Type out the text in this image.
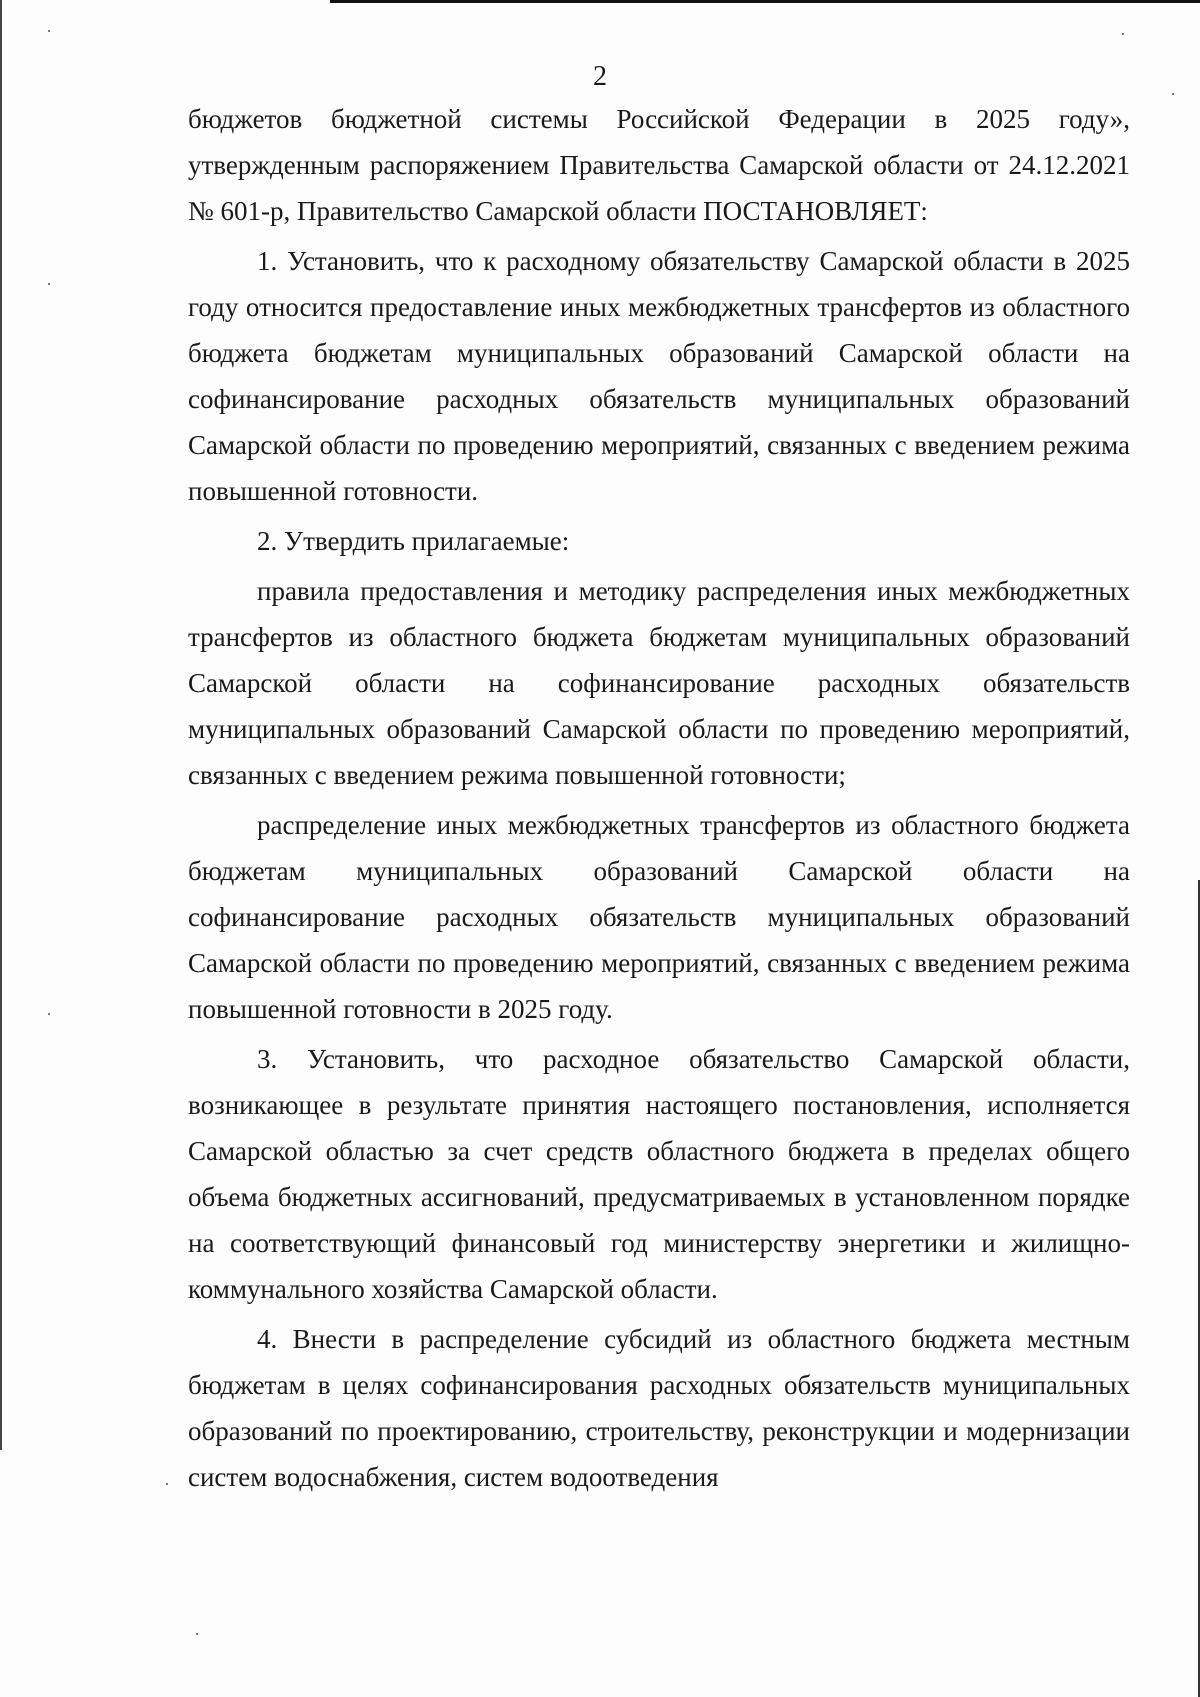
2

бюджетов бюджетной системы Российской Федерации в 2025 году», утвержденным распоряжением Правительства Самарской области от 24.12.2021 № 601-р, Правительство Самарской области ПОСТАНОВЛЯЕТ:

1. Установить, что к расходному обязательству Самарской области в 2025 году относится предоставление иных межбюджетных трансфертов из областного бюджета бюджетам муниципальных образований Самарской области на софинансирование расходных обязательств муниципальных образований Самарской области по проведению мероприятий, связанных с введением режима повышенной готовности.

2. Утвердить прилагаемые:

правила предоставления и методику распределения иных межбюджетных трансфертов из областного бюджета бюджетам муниципальных образований Самарской области на софинансирование расходных обязательств муниципальных образований Самарской области по проведению мероприятий, связанных с введением режима повышенной готовности;

распределение иных межбюджетных трансфертов из областного бюджета бюджетам муниципальных образований Самарской области на софинансирование расходных обязательств муниципальных образований Самарской области по проведению мероприятий, связанных с введением режима повышенной готовности в 2025 году.

3. Установить, что расходное обязательство Самарской области, возникающее в результате принятия настоящего постановления, исполняется Самарской областью за счет средств областного бюджета в пределах общего объема бюджетных ассигнований, предусматриваемых в установленном порядке на соответствующий финансовый год министерству энергетики и жилищно-коммунального хозяйства Самарской области.

4. Внести в распределение субсидий из областного бюджета местным бюджетам в целях софинансирования расходных обязательств муниципальных образований по проектированию, строительству, реконструкции и модернизации систем водоснабжения, систем водоотведения
